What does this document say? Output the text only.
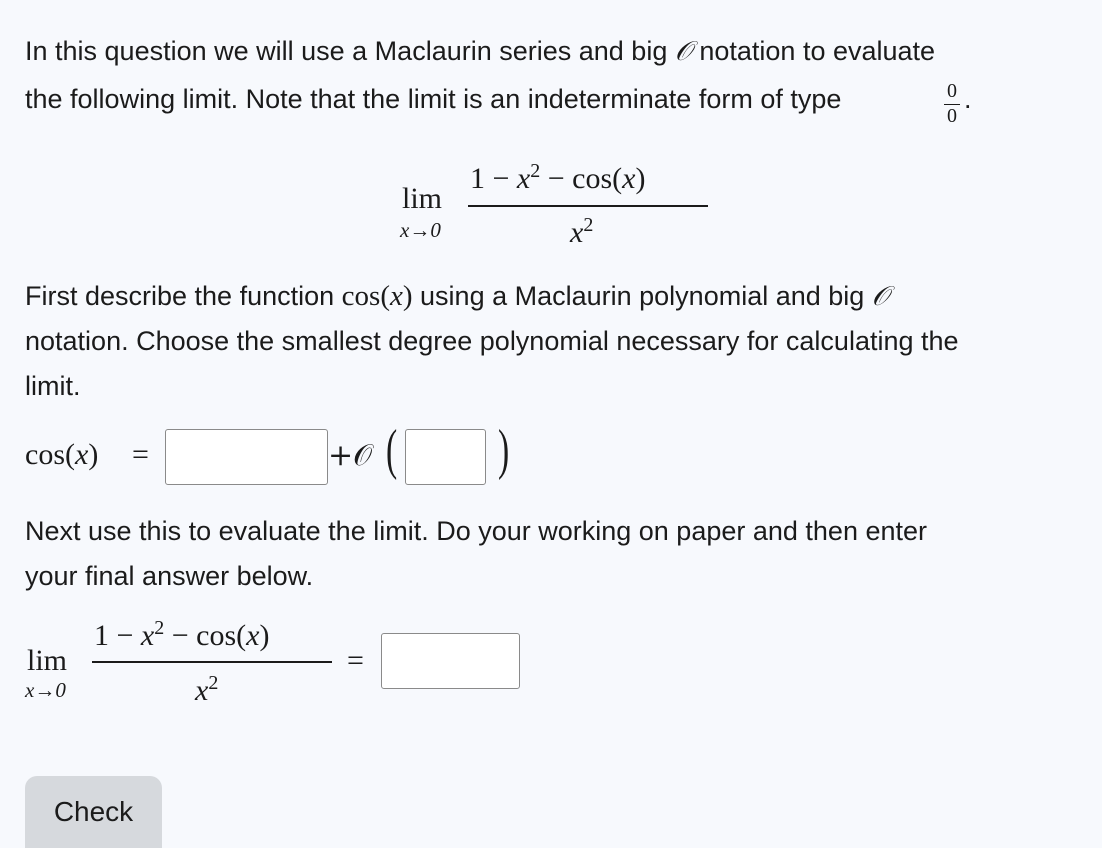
In this question we will use a Maclaurin series and big 𝒪 notation to evaluate
the following limit. Note that the limit is an indeterminate form of type	0
0
.
lim
x→0
$1 - x^2 - \cos(x)$
$x^2$
First describe the function cos(x) using a Maclaurin polynomial and big 𝒪
notation. Choose the smallest degree polynomial necessary for calculating the
limit.
cos(x) =	+𝒪 ( )
Next use this to evaluate the limit. Do your working on paper and then enter
your final answer below.
lim
x→0
$1 - x^2 - \cos(x)$
$x^2$
=
Check
